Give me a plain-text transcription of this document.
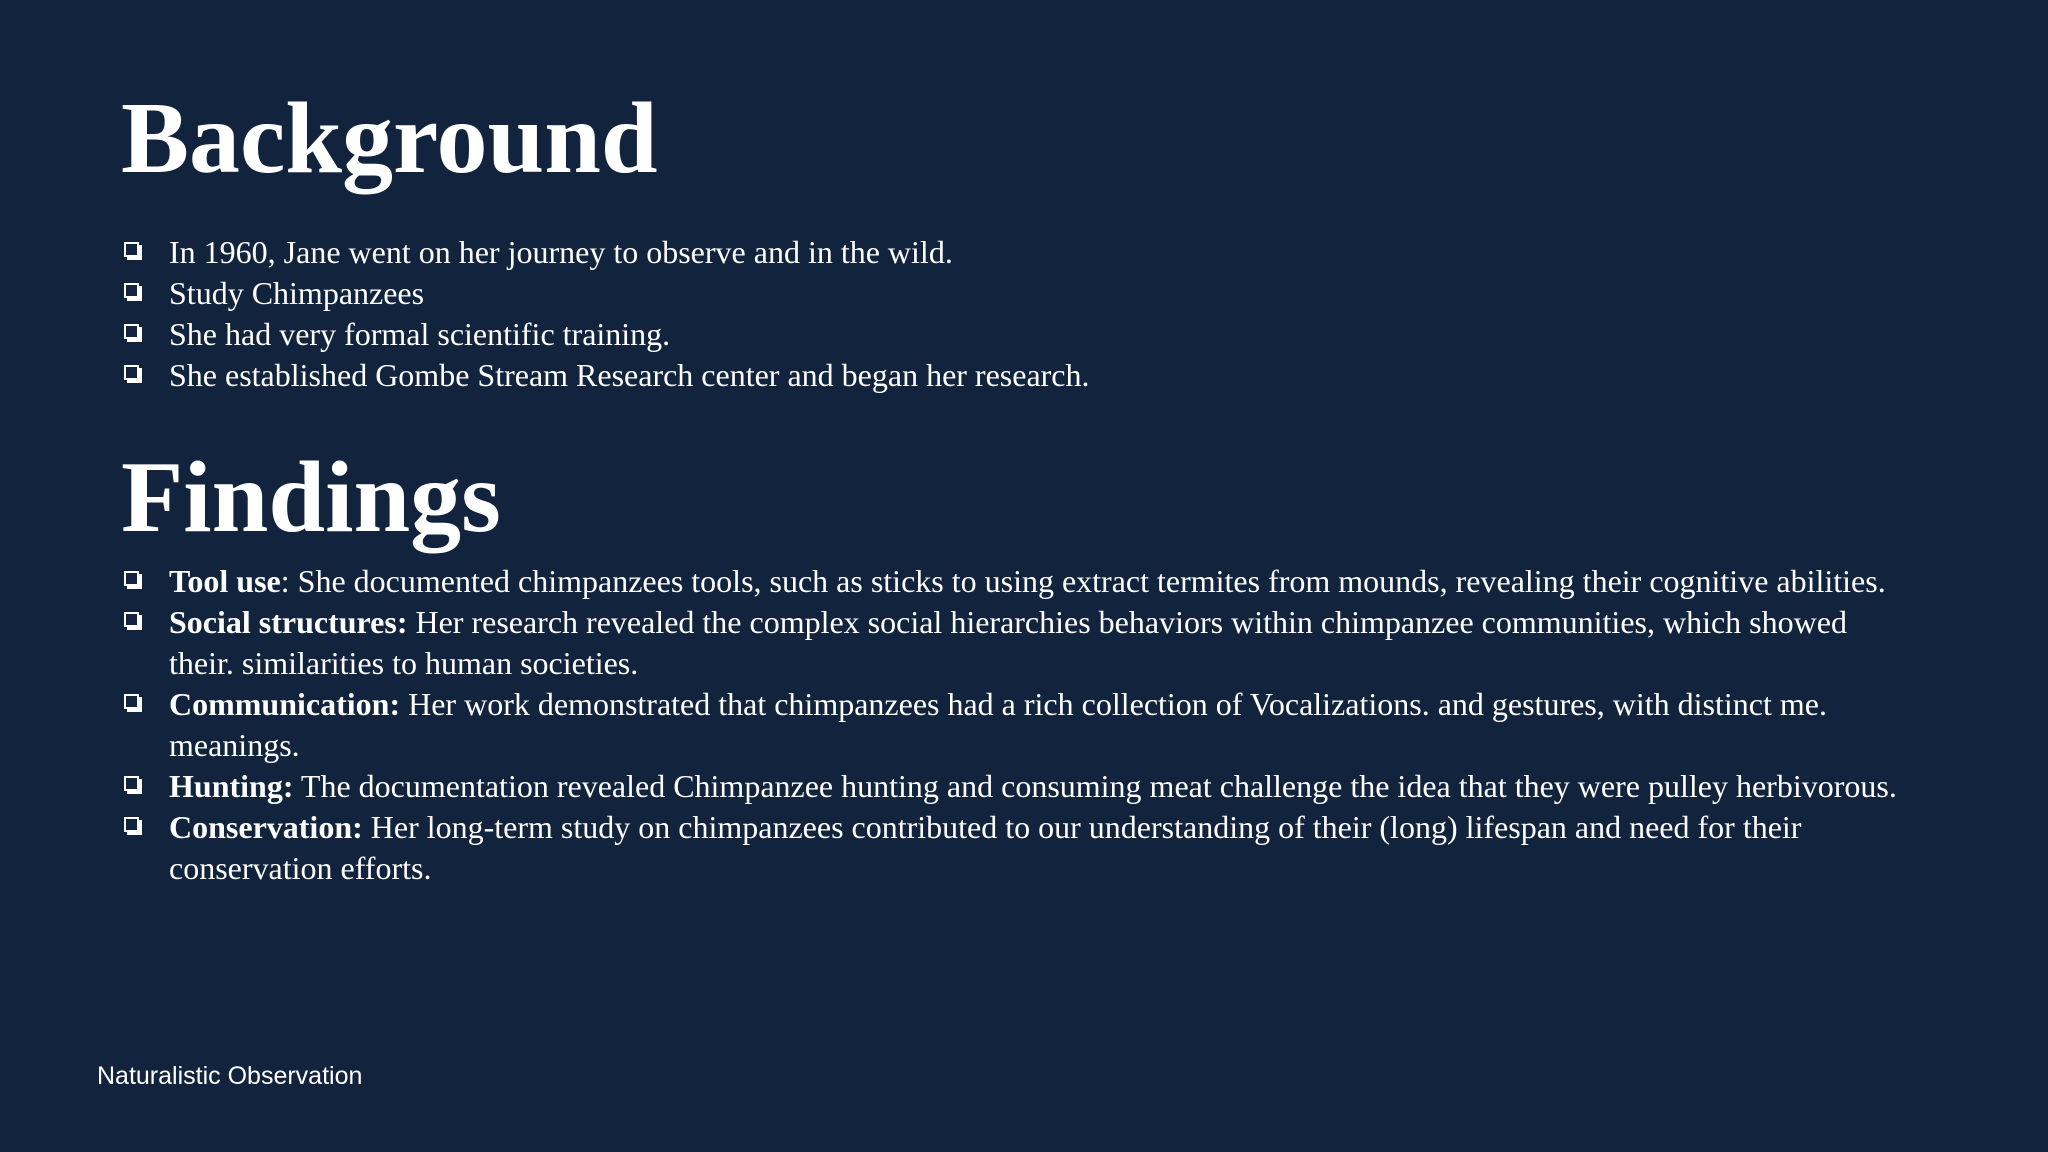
Background
In 1960, Jane went on her journey to observe and in the wild.
Study Chimpanzees
She had very formal scientific training.
She established Gombe Stream Research center and began her research.
Findings
Tool use: She documented chimpanzees tools, such as sticks to using extract termites from mounds, revealing their cognitive abilities.
Social structures: Her research revealed the complex social hierarchies behaviors within chimpanzee communities, which showed their. similarities to human societies.
Communication: Her work demonstrated that chimpanzees had a rich collection of Vocalizations. and gestures, with distinct me. meanings.
Hunting: The documentation revealed Chimpanzee hunting and consuming meat challenge the idea that they were pulley herbivorous.
Conservation: Her long-term study on chimpanzees contributed to our understanding of their (long) lifespan and need for their conservation efforts.
Naturalistic Observation
